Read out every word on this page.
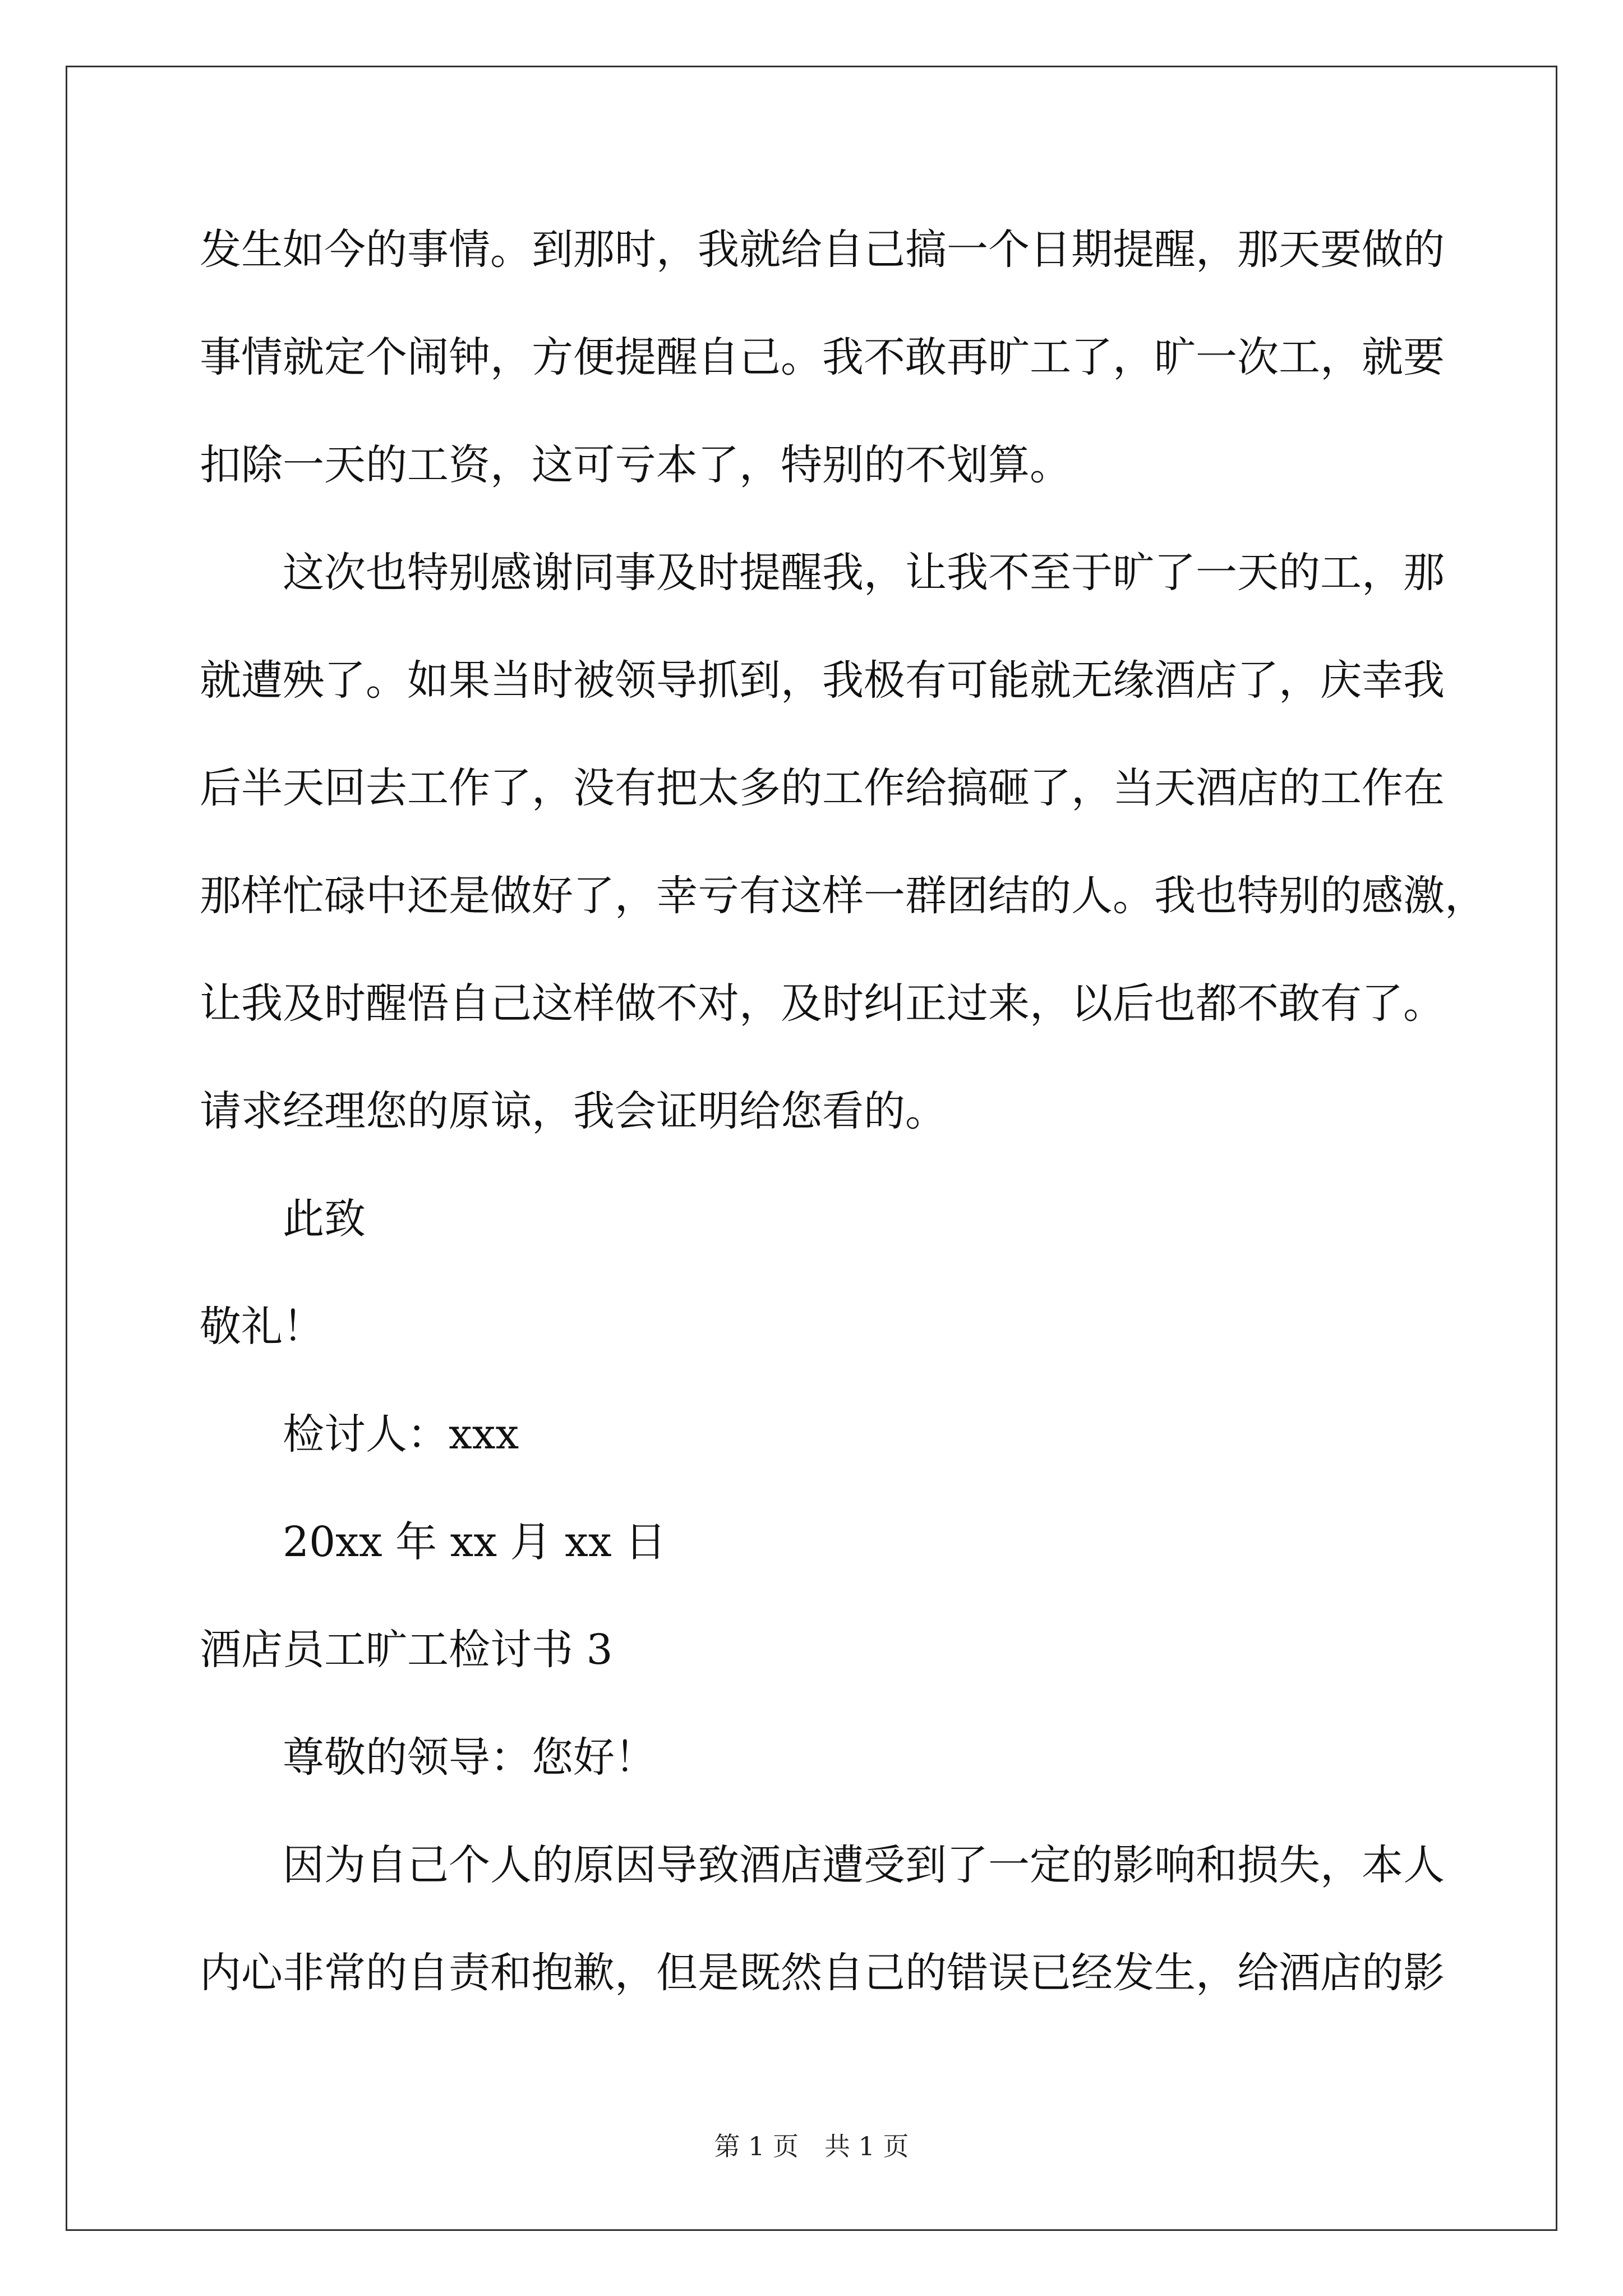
发生如今的事情。到那时，我就给自己搞一个日期提醒，那天要做的
事情就定个闹钟，方便提醒自己。我不敢再旷工了，旷一次工，就要
扣除一天的工资，这可亏本了，特别的不划算。
这次也特别感谢同事及时提醒我，让我不至于旷了一天的工，那
就遭殃了。如果当时被领导抓到，我极有可能就无缘酒店了，庆幸我
后半天回去工作了，没有把太多的工作给搞砸了，当天酒店的工作在
那样忙碌中还是做好了，幸亏有这样一群团结的人。我也特别的感激，
让我及时醒悟自己这样做不对，及时纠正过来，以后也都不敢有了。
请求经理您的原谅，我会证明给您看的。
此致
敬礼！
检讨人：xxx
20xx 年 xx 月 xx 日
酒店员工旷工检讨书 3
尊敬的领导：您好！
因为自己个人的原因导致酒店遭受到了一定的影响和损失，本人
内心非常的自责和抱歉，但是既然自己的错误已经发生，给酒店的影
第 1 页　共 1 页
